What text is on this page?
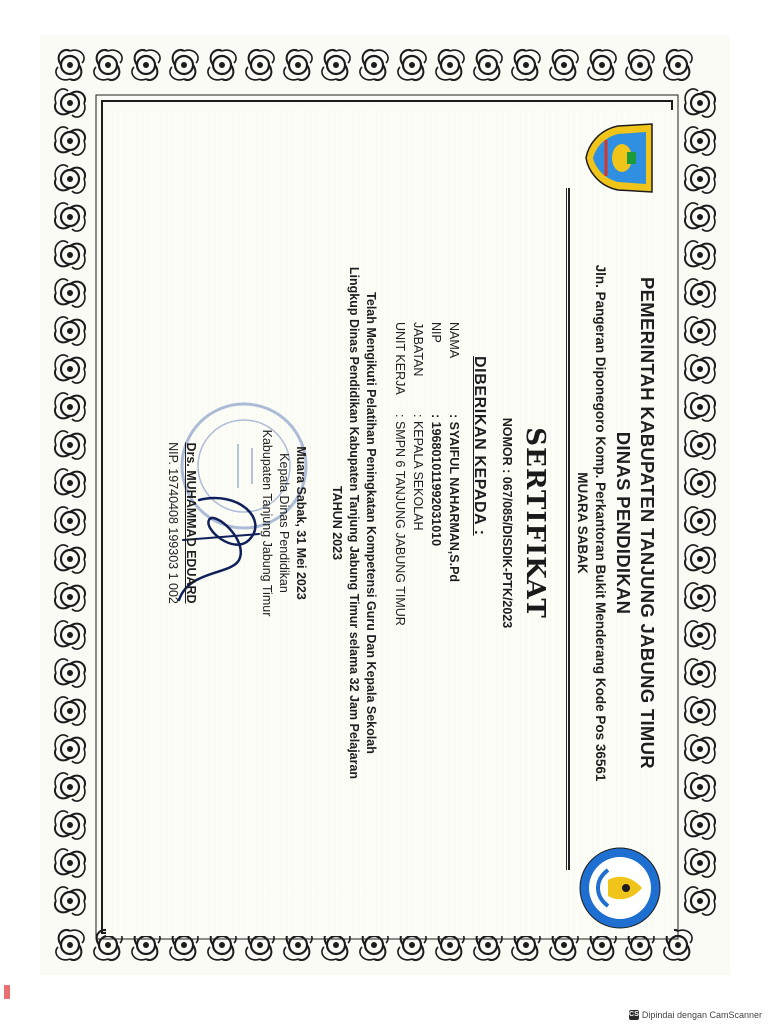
PEMERINTAH KABUPATEN TANJUNG JABUNG TIMUR
DINAS PENDIDIKAN
Jln. Pangeran Diponegoro Komp. Perkantoran Bukit Menderang Kode Pos 36561
MUARA SABAK
SERTIFIKAT
NOMOR : 067/085/DISDIK-PTK/2023
DIBERIKAN KEPADA :
NAMA
: SYAIFUL NAHARMAN,S.Pd
NIP
: 196801011992031010
JABATAN
: KEPALA SEKOLAH
UNIT KERJA
: SMPN 6 TANJUNG JABUNG TIMUR
Telah Mengikuti Pelatihan Peningkatan Kompetensi Guru Dan Kepala Sekolah
Lingkup Dinas Pendidikan Kabupaten Tanjung Jabung Timur selama 32 Jam Pelajaran
TAHUN 2023
Muara Sabak, 31 Mei 2023
Kepala Dinas Pendidikan
Kabupaten Tanjung Jabung Timur
Drs. MUHAMMAD EDUARD
NIP. 19740408 199303 1 002
CS Dipindai dengan CamScanner
